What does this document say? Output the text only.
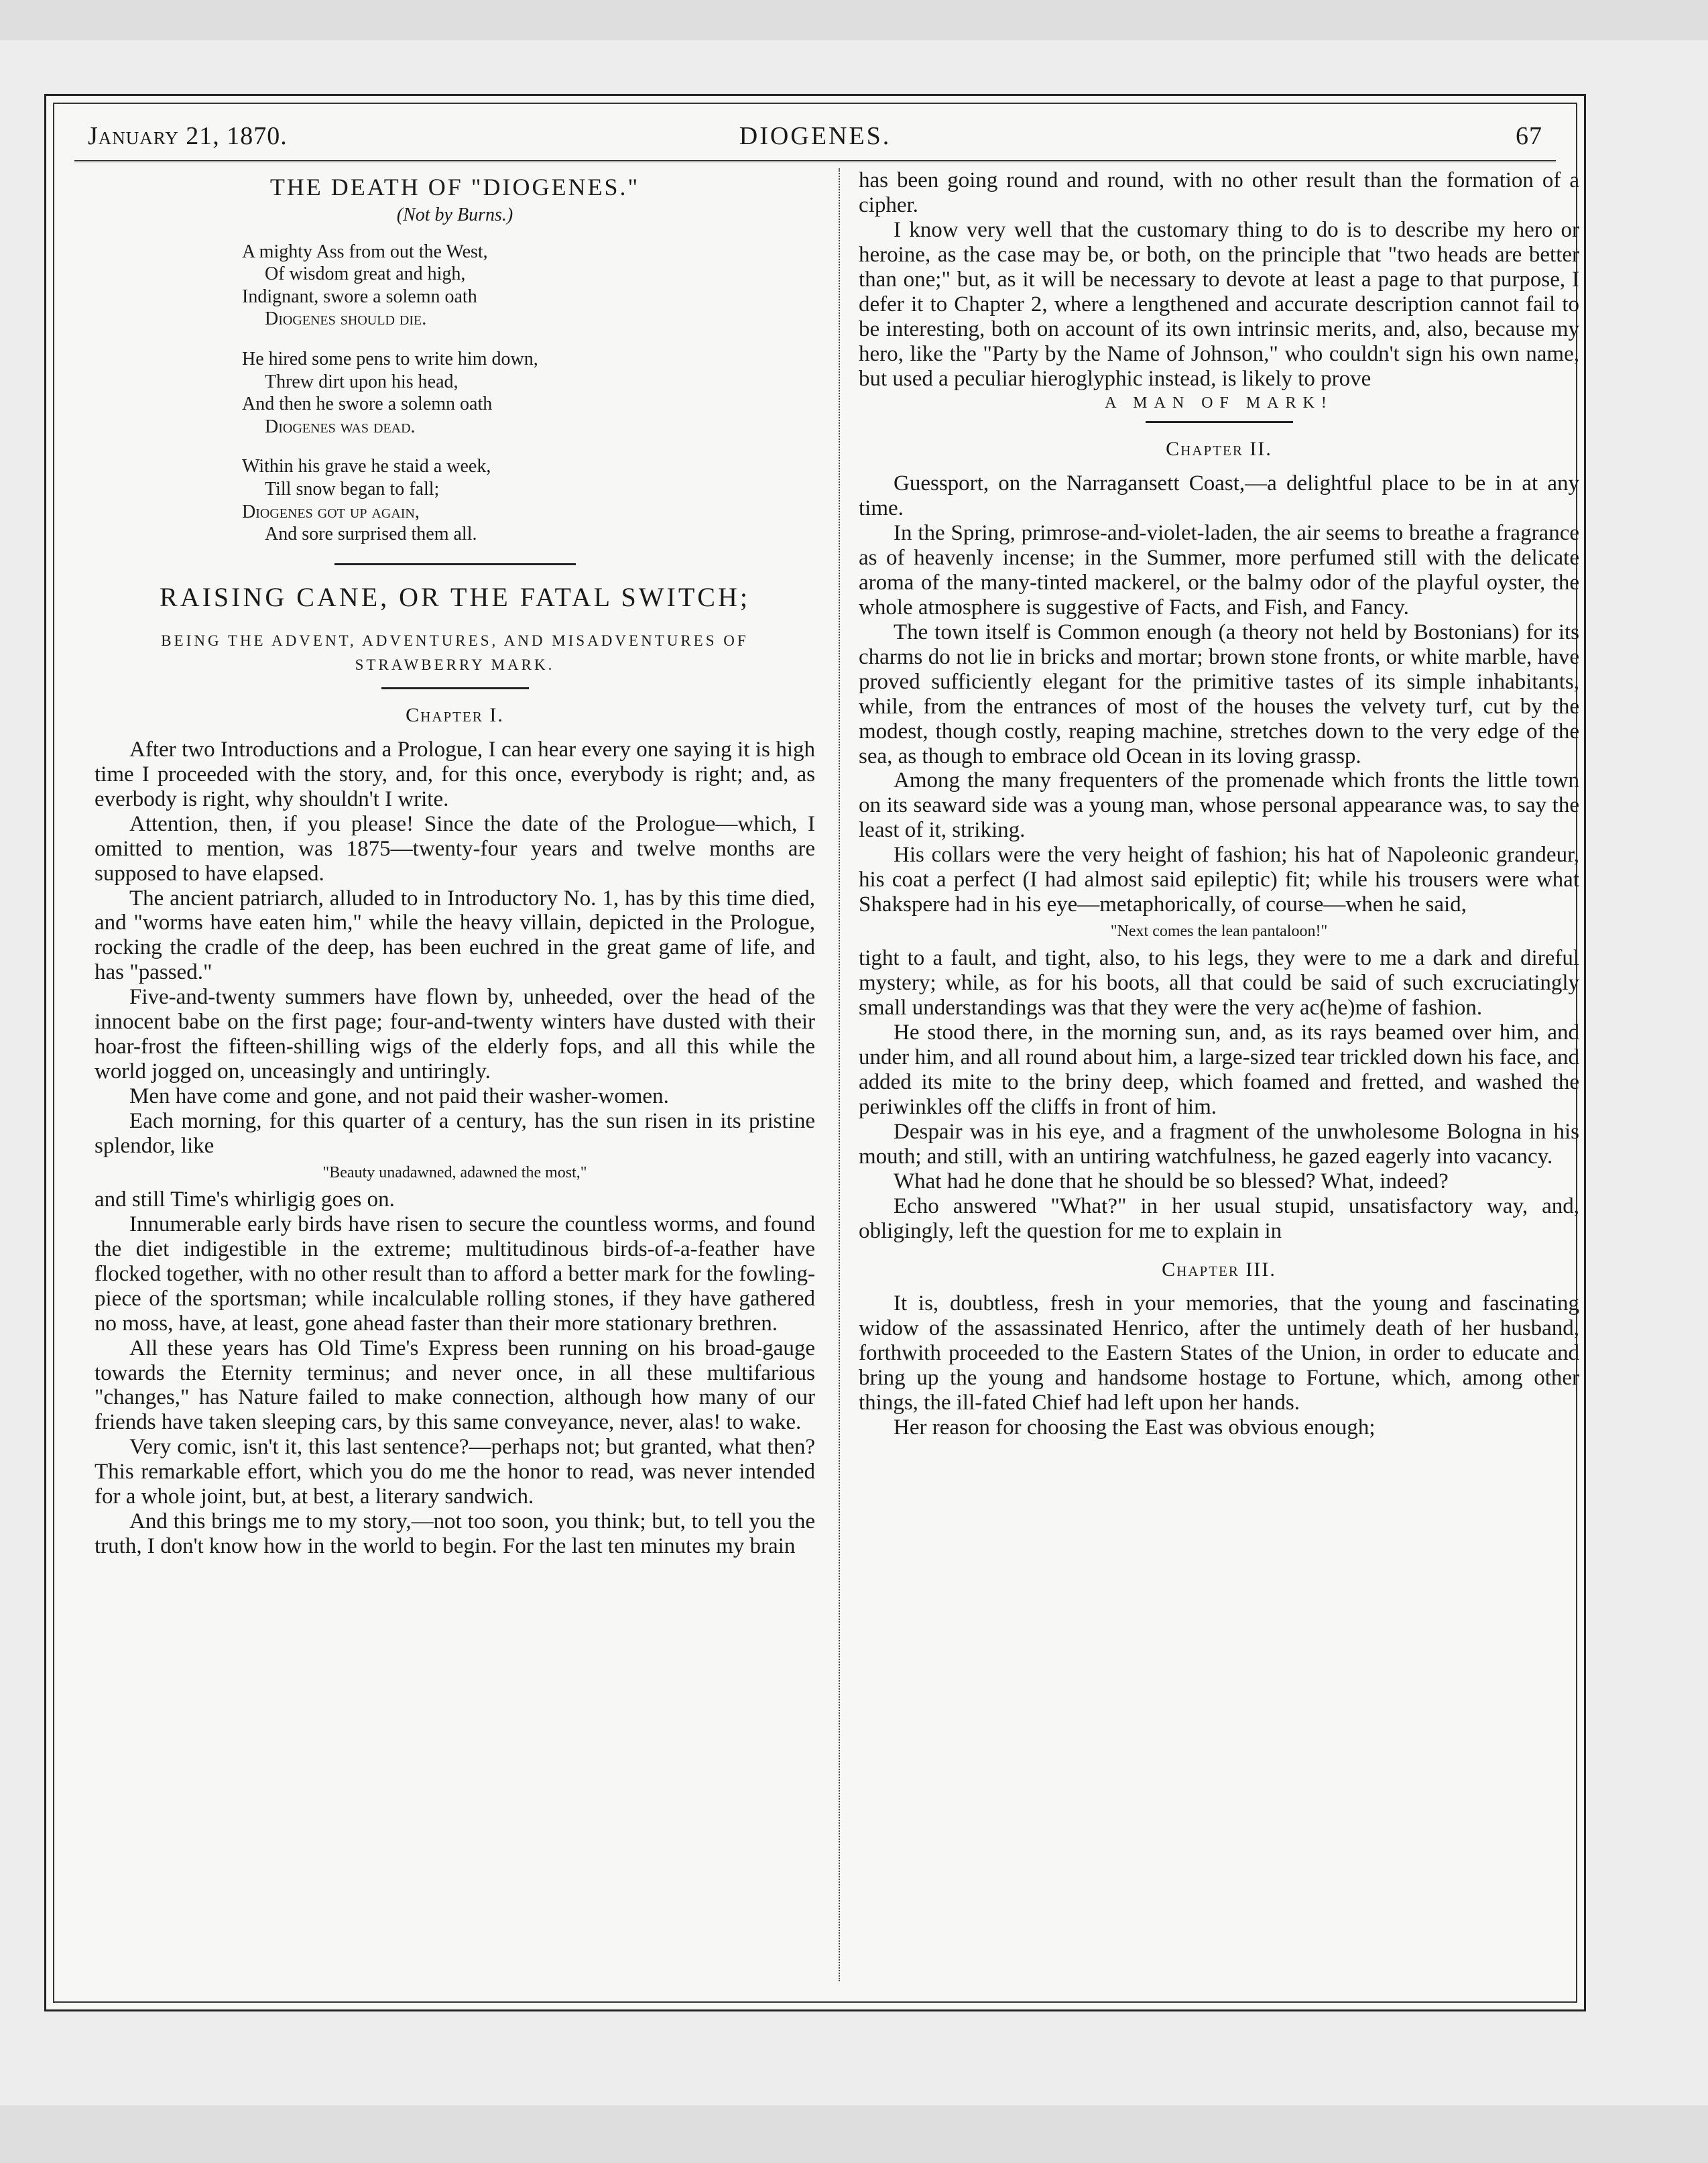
January 21, 1870.	DIOGENES.	67
THE DEATH OF "DIOGENES."
(Not by Burns.)
A mighty Ass from out the West,
Of wisdom great and high,
Indignant, swore a solemn oath
Diogenes should die.
He hired some pens to write him down,
Threw dirt upon his head,
And then he swore a solemn oath
Diogenes was dead.
Within his grave he staid a week,
Till snow began to fall;
Diogenes got up again,
And sore surprised them all.
RAISING CANE, OR THE FATAL SWITCH;
BEING THE ADVENT, ADVENTURES, AND MISADVENTURES OF STRAWBERRY MARK.
Chapter I.

After two Introductions and a Prologue, I can hear every one saying it is high time I proceeded with the story, and, for this once, everybody is right; and, as everbody is right, why shouldn't I write.

Attention, then, if you please! Since the date of the Prologue—which, I omitted to mention, was 1875—twenty-four years and twelve months are supposed to have elapsed.

The ancient patriarch, alluded to in Introductory No. 1, has by this time died, and "worms have eaten him," while the heavy villain, depicted in the Prologue, rocking the cradle of the deep, has been euchred in the great game of life, and has "passed."

Five-and-twenty summers have flown by, unheeded, over the head of the innocent babe on the first page; four-and-twenty winters have dusted with their hoar-frost the fifteen-shilling wigs of the elderly fops, and all this while the world jogged on, unceasingly and untiringly.

Men have come and gone, and not paid their washer-women.

Each morning, for this quarter of a century, has the sun risen in its pristine splendor, like

"Beauty unadawned, adawned the most,"

and still Time's whirligig goes on.

Innumerable early birds have risen to secure the countless worms, and found the diet indigestible in the extreme; multitudinous birds-of-a-feather have flocked together, with no other result than to afford a better mark for the fowling-piece of the sportsman; while incalculable rolling stones, if they have gathered no moss, have, at least, gone ahead faster than their more stationary brethren.

All these years has Old Time's Express been running on his broad-gauge towards the Eternity terminus; and never once, in all these multifarious "changes," has Nature failed to make connection, although how many of our friends have taken sleeping cars, by this same conveyance, never, alas! to wake.

Very comic, isn't it, this last sentence?—perhaps not; but granted, what then? This remarkable effort, which you do me the honor to read, was never intended for a whole joint, but, at best, a literary sandwich.

And this brings me to my story,—not too soon, you think; but, to tell you the truth, I don't know how in the world to begin. For the last ten minutes my brain

has been going round and round, with no other result than the formation of a cipher.

I know very well that the customary thing to do is to describe my hero or heroine, as the case may be, or both, on the principle that "two heads are better than one;" but, as it will be necessary to devote at least a page to that purpose, I defer it to Chapter 2, where a lengthened and accurate description cannot fail to be interesting, both on account of its own intrinsic merits, and, also, because my hero, like the "Party by the Name of Johnson," who couldn't sign his own name, but used a peculiar hieroglyphic instead, is likely to prove

A MAN OF MARK!
Chapter II.

Guessport, on the Narragansett Coast,—a delightful place to be in at any time.

In the Spring, primrose-and-violet-laden, the air seems to breathe a fragrance as of heavenly incense; in the Summer, more perfumed still with the delicate aroma of the many-tinted mackerel, or the balmy odor of the playful oyster, the whole atmosphere is suggestive of Facts, and Fish, and Fancy.

The town itself is Common enough (a theory not held by Bostonians) for its charms do not lie in bricks and mortar; brown stone fronts, or white marble, have proved sufficiently elegant for the primitive tastes of its simple inhabitants, while, from the entrances of most of the houses the velvety turf, cut by the modest, though costly, reaping machine, stretches down to the very edge of the sea, as though to embrace old Ocean in its loving grassp.

Among the many frequenters of the promenade which fronts the little town on its seaward side was a young man, whose personal appearance was, to say the least of it, striking.

His collars were the very height of fashion; his hat of Napoleonic grandeur, his coat a perfect (I had almost said epileptic) fit; while his trousers were what Shakspere had in his eye—metaphorically, of course—when he said,

"Next comes the lean pantaloon!"

tight to a fault, and tight, also, to his legs, they were to me a dark and direful mystery; while, as for his boots, all that could be said of such excruciatingly small understandings was that they were the very ac(he)me of fashion.

He stood there, in the morning sun, and, as its rays beamed over him, and under him, and all round about him, a large-sized tear trickled down his face, and added its mite to the briny deep, which foamed and fretted, and washed the periwinkles off the cliffs in front of him.

Despair was in his eye, and a fragment of the unwholesome Bologna in his mouth; and still, with an untiring watchfulness, he gazed eagerly into vacancy.

What had he done that he should be so blessed? What, indeed?

Echo answered "What?" in her usual stupid, unsatisfactory way, and, obligingly, left the question for me to explain in

Chapter III.

It is, doubtless, fresh in your memories, that the young and fascinating widow of the assassinated Henrico, after the untimely death of her husband, forthwith proceeded to the Eastern States of the Union, in order to educate and bring up the young and handsome hostage to Fortune, which, among other things, the ill-fated Chief had left upon her hands.

Her reason for choosing the East was obvious enough;
